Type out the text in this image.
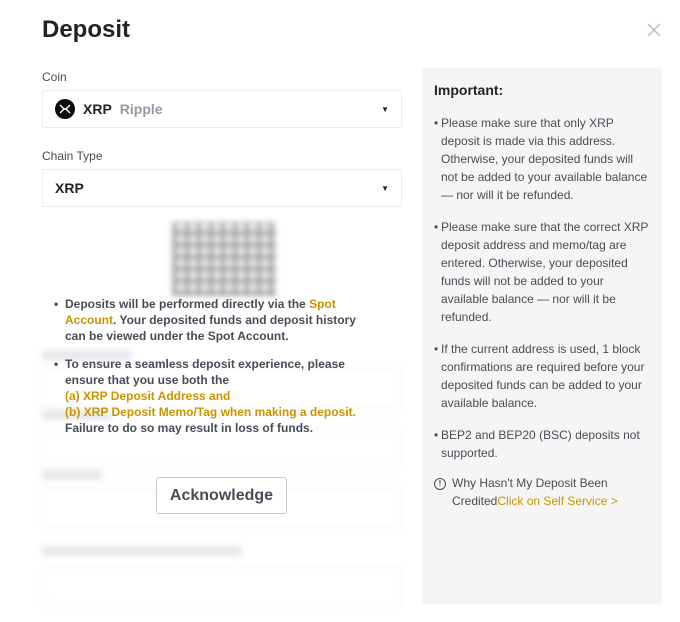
Deposit
Coin
XRP Ripple	▼
Chain Type
XRP	▼
• Deposits will be performed directly via the Spot Account. Your deposited funds and deposit history can be viewed under the Spot Account.
• To ensure a seamless deposit experience, please ensure that you use both the
(a) XRP Deposit Address and
(b) XRP Deposit Memo/Tag when making a deposit.
Failure to do so may result in loss of funds.
Acknowledge
Important:
• Please make sure that only XRP deposit is made via this address. Otherwise, your deposited funds will not be added to your available balance — nor will it be refunded.
• Please make sure that the correct XRP deposit address and memo/tag are entered. Otherwise, your deposited funds will not be added to your available balance — nor will it be refunded.
• If the current address is used, 1 block confirmations are required before your deposited funds can be added to your available balance.
• BEP2 and BEP20 (BSC) deposits not supported.
! Why Hasn't My Deposit Been CreditedClick on Self Service >
